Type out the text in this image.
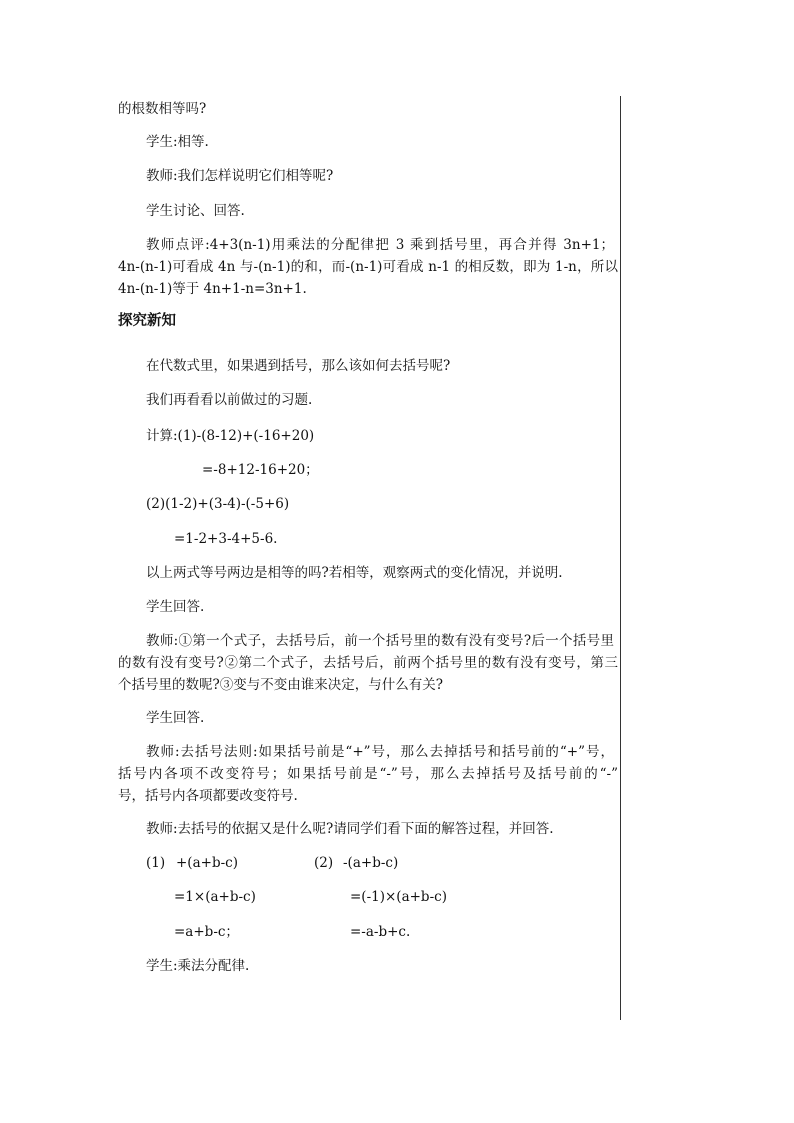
的根数相等吗?
学生:相等.
教师:我们怎样说明它们相等呢?
学生讨论、回答.
教师点评:4+3(n-1)用乘法的分配律把 3 乘到括号里，再合并得 3n+1；
4n-(n-1)可看成 4n 与-(n-1)的和，而-(n-1)可看成 n-1 的相反数，即为 1-n，所以
4n-(n-1)等于 4n+1-n=3n+1.
探究新知
在代数式里，如果遇到括号，那么该如何去括号呢?
我们再看看以前做过的习题.
计算:(1)-(8-12)+(-16+20)
=-8+12-16+20；
(2)(1-2)+(3-4)-(-5+6)
=1-2+3-4+5-6.
以上两式等号两边是相等的吗?若相等，观察两式的变化情况，并说明.
学生回答.
教师:①第一个式子，去括号后，前一个括号里的数有没有变号?后一个括号里
的数有没有变号?②第二个式子，去括号后，前两个括号里的数有没有变号，第三
个括号里的数呢?③变与不变由谁来决定，与什么有关?
学生回答.
教师:去括号法则:如果括号前是“+”号，那么去掉括号和括号前的“+”号，
括号内各项不改变符号；如果括号前是“-”号，那么去掉括号及括号前的“-”
号，括号内各项都要改变符号.
教师:去括号的依据又是什么呢?请同学们看下面的解答过程，并回答.
(1) +(a+b-c)	(2) -(a+b-c)
=1×(a+b-c)	=(-1)×(a+b-c)
=a+b-c；	=-a-b+c.
学生:乘法分配律.
